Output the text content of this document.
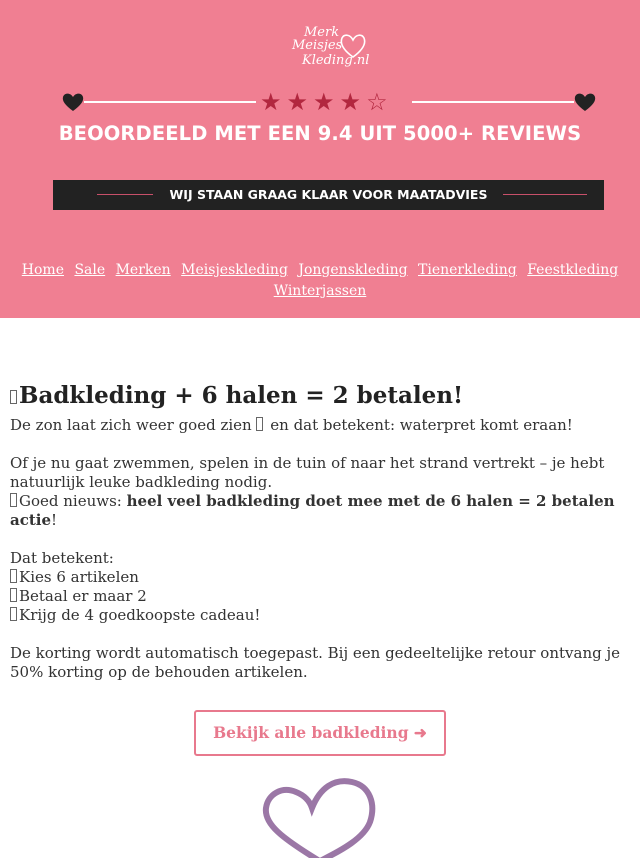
Merk
Meisjes
Kleding.nl
★ ★ ★ ★ ☆
BEOORDEELD MET EEN 9.4 UIT 5000+ REVIEWS
WIJ STAAN GRAAG KLAAR VOOR MAATADVIES
Home Sale Merken Meisjeskleding Jongenskleding Tienerkleding Feestkleding Winterjassen
Badkleding + 6 halen = 2 betalen!

De zon laat zich weer goed zien en dat betekent: waterpret komt eraan!

Of je nu gaat zwemmen, spelen in de tuin of naar het strand vertrekt – je hebt natuurlijk leuke badkleding nodig.

Goed nieuws: heel veel badkleding doet mee met de 6 halen = 2 betalen actie!

Dat betekent:

Kies 6 artikelen

Betaal er maar 2

Krijg de 4 goedkoopste cadeau!

De korting wordt automatisch toegepast. Bij een gedeeltelijke retour ontvang je 50% korting op de behouden artikelen.

Bekijk alle badkleding ➜
